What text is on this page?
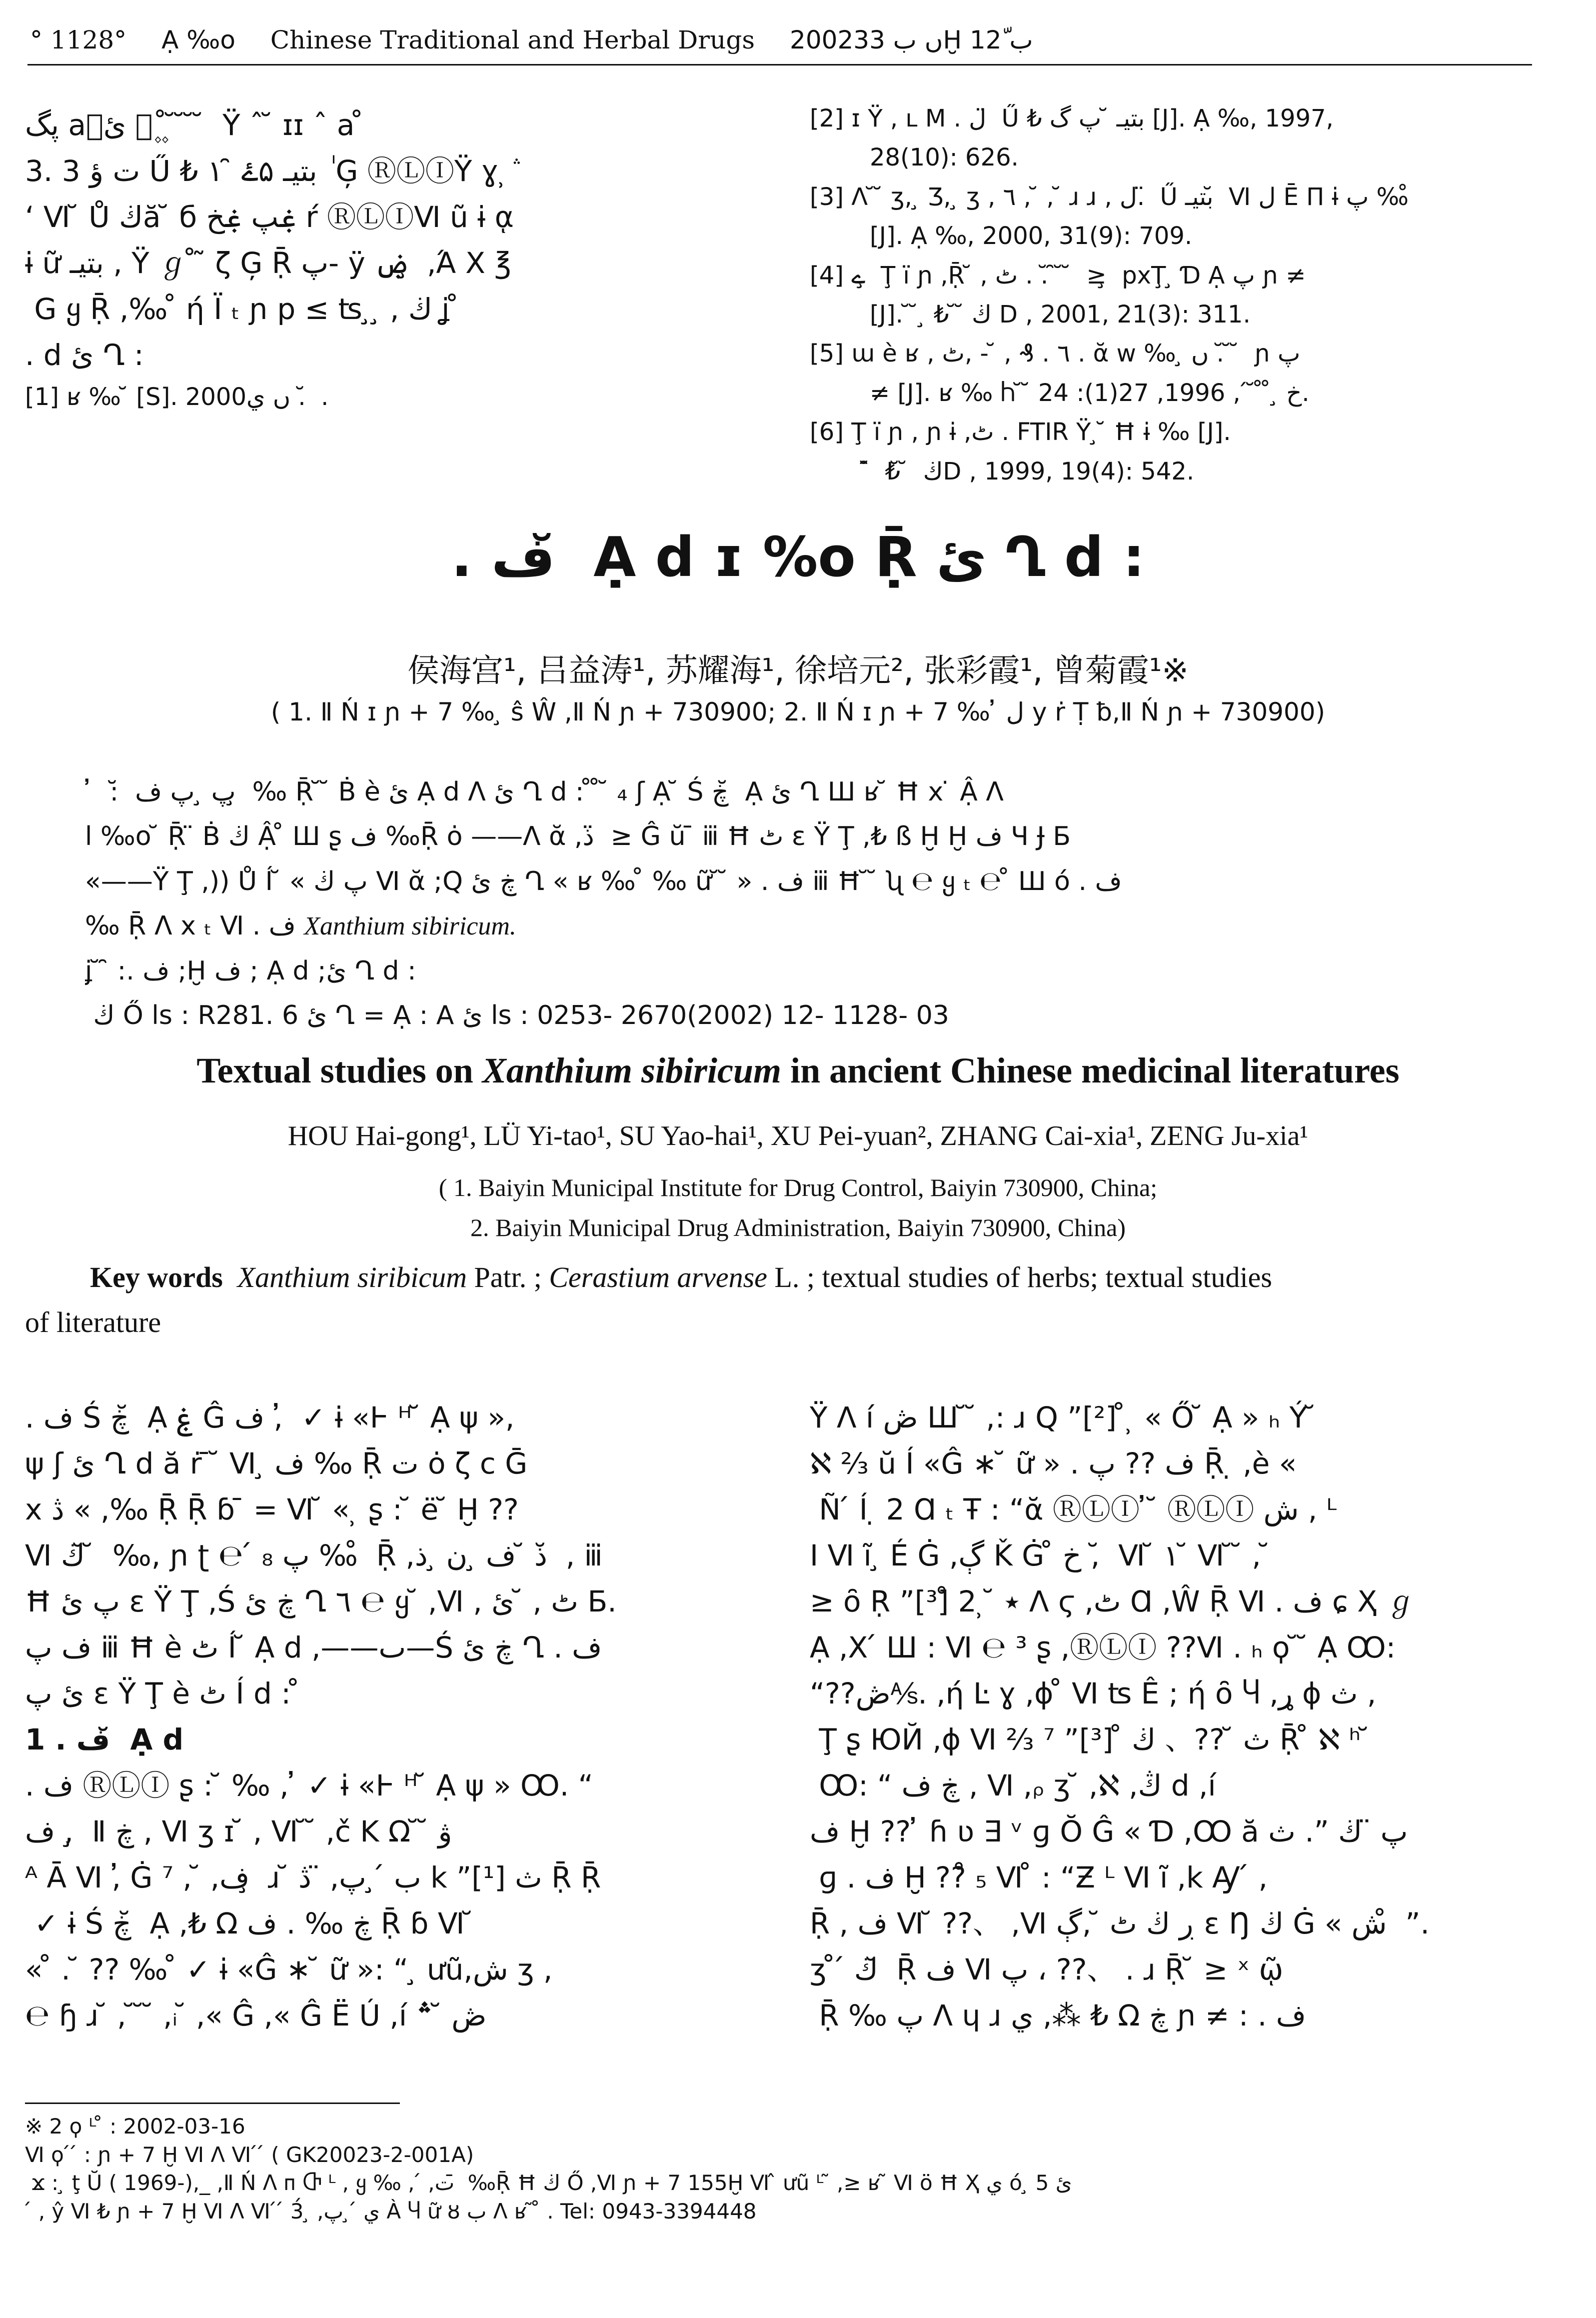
° 1128° Ạ ‰o Chinese Traditional and Herbal Drugs 2002ں ب 33Ḫ ب 12ّ
پگ aۑ ئ۪ ۪ ۪ ̊ ̆ ̆ ̆ ̆ Ÿ ˆ ̆ ɪɪ ˆ a ̊
3. 3 ت ؤ Ű ₺ بتیـ ۵ۓ ̑ ١ ٰ Ģ ⓇⓁⒾŸ ɣ ݅ ̹
‘ Ⅵ ̆ Ů ڬă ̆ б ۼپ ۼخ ŕ ⓇⓁⒾⅥ ũ ɨ ᾳ
ɨ ữ بتیـ , Ÿ ℊ ̊ ̃ ζ Ģ Ṝ پ- ÿ ۻ ̧ ,Ά Χ ℥
́ G ყ Ṝ ,‰ ̊ ή Ï ₜ ɲ p ≤ ʦ ̧ ̧ , ڬ ʝ ̊
. d ئ Ղ :
[1] ʁ ‰ ̆ [S]. 2000ں ي . ̆ .
[2] ɪ Ÿ , ʟ M . ل ̈ Ű ₺ بتیـ ̆ پ گ [J]. Ạ ‰, 1997,
28(10): 626.
[3] ᐱ ̆ ̆ ʒ, ̧ Ʒ, ̧ ʒ , ٦ , ̆ , ̆ ɹ ɹ , ل. ̈ Ű بتیـ ̆ Ⅵ ل Ē Π ɨ پ ‰ ̊
[J]. Ạ ‰, 2000, 31(9): 709.
[4] ے ̧ Ţ ï ɲ ,Ṝ ̆ , ٹ . . ̆ ̑ ̆ ̆ ≥ ̧ pxŢ ̧ Ɗ Ạ پ ɲ ≠
[J]. ̆ ̆ ̧ ₺ ̆ ̆ ڬ D , 2001, 21(3): 311.
[5] ɯ è ʁ , ٦ . ₰ , ̆ - ,ٹ . ᾰ w ‰ ̧ ں . ̆ ̆ ̆ ɲ پ
≠ [J]. ʁ ‰ Ⴙ ̆ ̆ خ ̧ ̊ ̊ ̆ ́ , 1996, 27(1): 24.
[6] Ţ ï ɲ , ɲ ɨ ,ٹ . FTIR Ÿ ̧ ̆ Ħ ɨ ‰ [J].
̆ ̑ ₺ ̆ ̆ ڬD , 1999, 19(4): 542.
. ف ̆ Ạ d ɪ %o Ṝ ئ Ղ d :
侯海宫¹, 吕益涛¹, 苏耀海¹, 徐培元², 张彩霞¹, 曾菊霞¹※
( 1. Ⅱ Ń ɪ ɲ + 7 ‰ ̧ ŝ Ŵ ,Ⅱ Ń ɲ + 730900; 2. Ⅱ Ń ɪ ɲ + 7 ‰ ̓ ل y ṙ Ṭ ƀ,Ⅱ Ń ɲ + 730900)
̆ ̆ ̓ : ̆ پ ̧ پ ف ̧ ‰ Ṝ ̆ ̆ Ḃ è ئ Ạ d ᐱ ئ Ղ d : ̊ ̊ ̆ ₄ ʃ Ạ ̆ Ś ڿ ̆ Ạ ئ Ղ Ш ʁ ̆ Ħ x ̇ Ậ ᐱ
l ‰o ̆ Ṝ ̈ Ḃ ڬ Ậ ̊ Ш ʂ ف ‰Ṝ ȯ ——ᐱ ᾰ ,ذ ̈ ≥ Ĝ ŭ ̄ ⅲ Ħ ٹ ɛ Ÿ Ţ ,₺ ß Ḫ Ḫ ف Ɥ Ɉ Б
«——Ÿ Ţ ,)) Ů Í ̆ « پ ڬ Ⅵ ᾰ ;Q ڿ ئ Ղ « ʁ ‰ ̊ ‰ ữ ̆ ̆ » . ف ⅲ Ħ ̆ ̆ ʯ ℮ ყ ₜ ℮ ̊ Ш ó . ف
‰ Ṝ ᐱ x ₜ Ⅵ . ف Xanthium sibiricum.
ʝ ̆ ̑ :. ف ;Ḫ ف ; Ạ d ;ئ Ղ d :
̆ ڬ Ő ls : R281. 6 ئ Ղ = Ạ : A ئ ls : 0253- 2670(2002) 12- 1128- 03
Textual studies on Xanthium sibiricum in ancient Chinese medicinal literatures
HOU Hai-gong¹, LÜ Yi-tao¹, SU Yao-hai¹, XU Pei-yuan², ZHANG Cai-xia¹, ZENG Ju-xia¹
( 1. Baiyin Municipal Institute for Drug Control, Baiyin 730900, China;
2. Baiyin Municipal Drug Administration, Baiyin 730900, China)
Key words Xanthium siribicum Patr. ; Cerastium arvense L. ; textual studies of herbs; textual studies
of literature
. ف Ś ڿ ̆ Ạ ۼ Ĝ ف , ̓ ✓ ɨ «Ⱶ ᴴ ̆ Ạ ψ »,
ψ ʃ ئ Ղ d ă ṙ ̄ ̆ Ⅵ ̧ ف ‰ Ṝ ت ȯ ζ c Ḡ
x ڎ « ,‰ Ṝ Ṝ ɓ ̄ = Ⅵ ̆ « ̹ ʂ : ̆ ë ̆ Ḫ ??
Ⅵ ڬ ̆ ̆ ‰, ɲ ʈ ℮ ́ ₈ پ ‰ ̊ Ṝ ,ذ ̆ ف ̧ ن ̧ ذ ̆ , ⅲ
Ħ پ ئ ɛ Ÿ Ţ ,Ś ڿ ئ Ղ ٦ ℮ ყ ̆ ,Ⅵ , ٹ , ̆ ئ Б.
ف پ ⅲ Ħ è ٹ Í ̆ Ạ d ,——ٮ—Ś ڿ ئ Ղ . ف
ئ پ ɛ Ÿ Ţ è ٹ Í d : ̊
1 . ف ̆ Ạ d
. ف ⓇⓁⒾ ʂ : ̆ ‰ , ̓ ✓ ɨ «Ⱶ ᴴ ̆ Ạ ψ » Ꝏ. “
ف , ̧ Ⅱ ڿ , Ⅵ ʒ ɪ ̆ , Ⅵ ̆ ̆ ,č K Ω ̆ ̆ ۋ
ᴬ Ā Ⅵ ,̓ Ġ ⁷ , ̆ ,ف ̧ ɹ ̆ ب ́ ̧ پ, ̈ ڎ k ”[¹] ث Ṝ Ṝ
̇ ✓ ɨ Ś ڿ ̆ Ạ ,₺ Ω ڿ ‰ . ف Ṝ ɓ Ⅵ ̆
« ̊ . ̆ ?? ‰ ̊ ✓ ɨ «Ĝ ∗ ̆ ữ »: “ ̧ ưũ,ش ʒ ,
℮ ɧ ɹ ̆ , ̆ ̆ ̆ ,ᵢ ̆ ,« Ĝ ,« Ĝ Ё Ú ,í ڞ ̆ ؞
Ÿ ᐱ í ڞ Ш ̆ ̆ ,: ɹ Q ”[²] ̊ ̹ « Ő ̆ Ạ » ₕ Ý ̆
ℵ ⅔ ŭ Í «Ĝ ∗ ̆ ữ » . ف ?? پ Ṝ ̣ ,è «
̀ Ñ ́ Í ̣ 2 Ɑ ₜ Ŧ : “ᾰ ⓇⓁⒾ ̓ ̆ ⓇⓁⒾ ش , ᴸ
Ⅰ Ⅵ ĩ ̧ É Ġ ,ڳ Ǩ Ġ ̊ خ , ̆ Ⅵ ̆ ۱ ̆ Ⅵ ̆ ̆ , ̆
≥ ȏ Ṛ ”[³]̊ ٭ ̆ ̹ 2 ᐱ ϛ ,ٹ Ɑ ,Ŵ Ṝ Ⅵ . ف ɕ Ҳ ℊ
Ạ ,Χ ́ Ш : Ⅵ ℮ ³ ʂ ,ⓇⓁⒾ ??Ⅵ . ₕ ϙ ̆ ̆ Ạ Ꝏ:
“??ڞ⅍. ,ή Ŀ ɣ ,ɸ ̊ Ⅵ ʦ Ê ; ή ȏ Ⴗ ,ړ ɸ ث ,
̂ Ţ ʂ ЮЙ ,ɸ Ⅵ ⅔ ⁷ ”[³] ̊ ث ̆ ??、 ڬ Ṝ ̊ ℵ ʰ ̆
́ Ꝏ: “ ڿ ف , Ⅵ ,ᵨ ʒ ̆ ,ℵ ,ڭ d ,í
ف Ḫ ?? ̓ ɦ ʋ ∃ ᵛ ɡ Ŏ Ĝ « Ɗ ,Ꝏ ă پ ̈ ڬ ”. ث
̊ ɡ . ف Ḫ ??̊ ₅ Ⅵ ̊ : “Ƶ ᴸ Ⅵ ĩ ,k Ꜽ ́ ,
Ṝ , ف Ⅵ ̆ ??、 ,Ⅵ ڔ ڬ ٹ ̆ ,ڳ ɛ Ŋ ڬ Ġ « ش ̊ ”.
ʒ ̊ ́ ڬ ̆ Ṝ ف Ⅵ پ ، ??、 . ɹ Ṝ ̆ ≥ ˣ ῷ
̧ Ṝ ‰ پ ᐱ ɥ ɹ ي ,⁂ ₺ Ω ڿ ɲ ≠ : . ف
※ 2 ϙ ᴸ ̊ : 2002-03-16
Ⅵ ϙ ́ ́ : ɲ + 7 Ḫ Ⅵ ᐱ Ⅵ ́ ́ ( GK20023-2-001A)
̧ ϫ : ̧ ţ Ŭ ( 1969-),_ ,Ⅱ Ń ᐱ ᴨ Ⴇ ᴸ , ყ ‰ , ́ ,ت ̄ ‰Ṝ Ħ ڬ Ő ,Ⅵ ɲ + 7 155Ḫ Ⅵ ̂ ưũ ᴸ ̃ ,≥ ʁ ̃ Ⅵ ö Ħ Ҳ ي ó ̧ ئ 5
̈ ́ , ŷ Ⅵ ₺ ɲ + 7 Ḫ Ⅵ ᐱ Ⅵ ́ ́ 3́ ̧ ,ي ́ ̧ پ À Ⴗ ữ ȣ ب ᐱ ʁ ̃ ̊ . Tel: 0943-3394448
